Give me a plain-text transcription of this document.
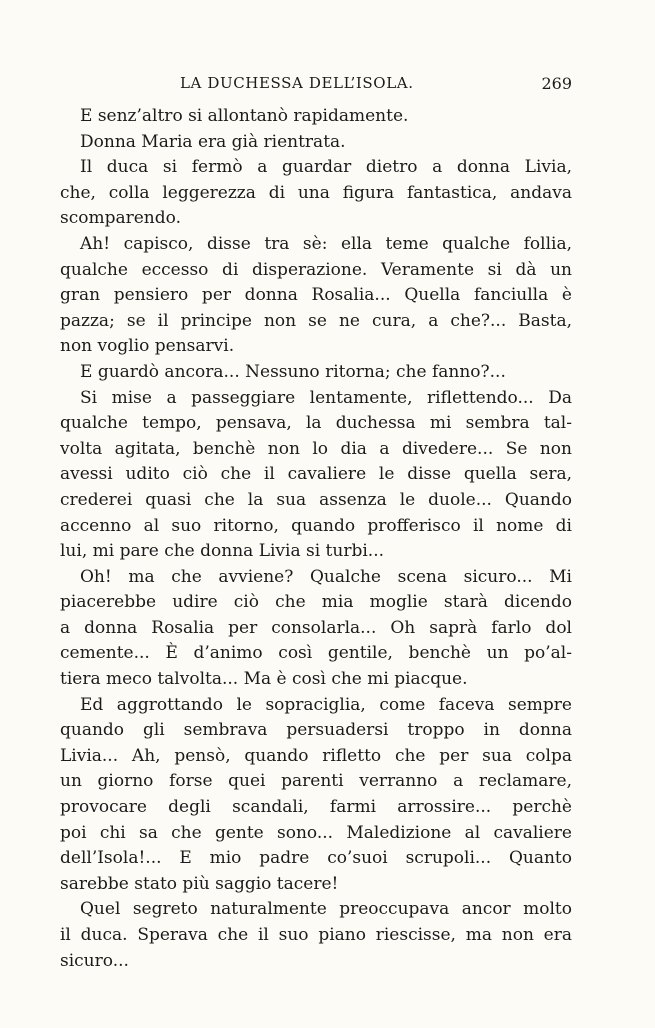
LA DUCHESSA DELL’ISOLA.	269
E senz’altro si allontanò rapidamente.
Donna Maria era già rientrata.
Il duca si fermò a guardar dietro a donna Livia,
che, colla leggerezza di una figura fantastica, andava
scomparendo.
Ah! capisco, disse tra sè: ella teme qualche follia,
qualche eccesso di disperazione. Veramente si dà un
gran pensiero per donna Rosalia... Quella fanciulla è
pazza; se il principe non se ne cura, a che?... Basta,
non voglio pensarvi.
E guardò ancora... Nessuno ritorna; che fanno?...
Si mise a passeggiare lentamente, riflettendo... Da
qualche tempo, pensava, la duchessa mi sembra tal-
volta agitata, benchè non lo dia a divedere... Se non
avessi udito ciò che il cavaliere le disse quella sera,
crederei quasi che la sua assenza le duole... Quando
accenno al suo ritorno, quando profferisco il nome di
lui, mi pare che donna Livia si turbi...
Oh! ma che avviene? Qualche scena sicuro... Mi
piacerebbe udire ciò che mia moglie starà dicendo
a donna Rosalia per consolarla... Oh saprà farlo dol
cemente... È d’animo così gentile, benchè un po’al-
tiera meco talvolta... Ma è così che mi piacque.
Ed aggrottando le sopraciglia, come faceva sempre
quando gli sembrava persuadersi troppo in donna
Livia... Ah, pensò, quando rifletto che per sua colpa
un giorno forse quei parenti verranno a reclamare,
provocare degli scandali, farmi arrossire... perchè
poi chi sa che gente sono... Maledizione al cavaliere
dell’Isola!... E mio padre co’suoi scrupoli... Quanto
sarebbe stato più saggio tacere!
Quel segreto naturalmente preoccupava ancor molto
il duca. Sperava che il suo piano riescisse, ma non era
sicuro...
